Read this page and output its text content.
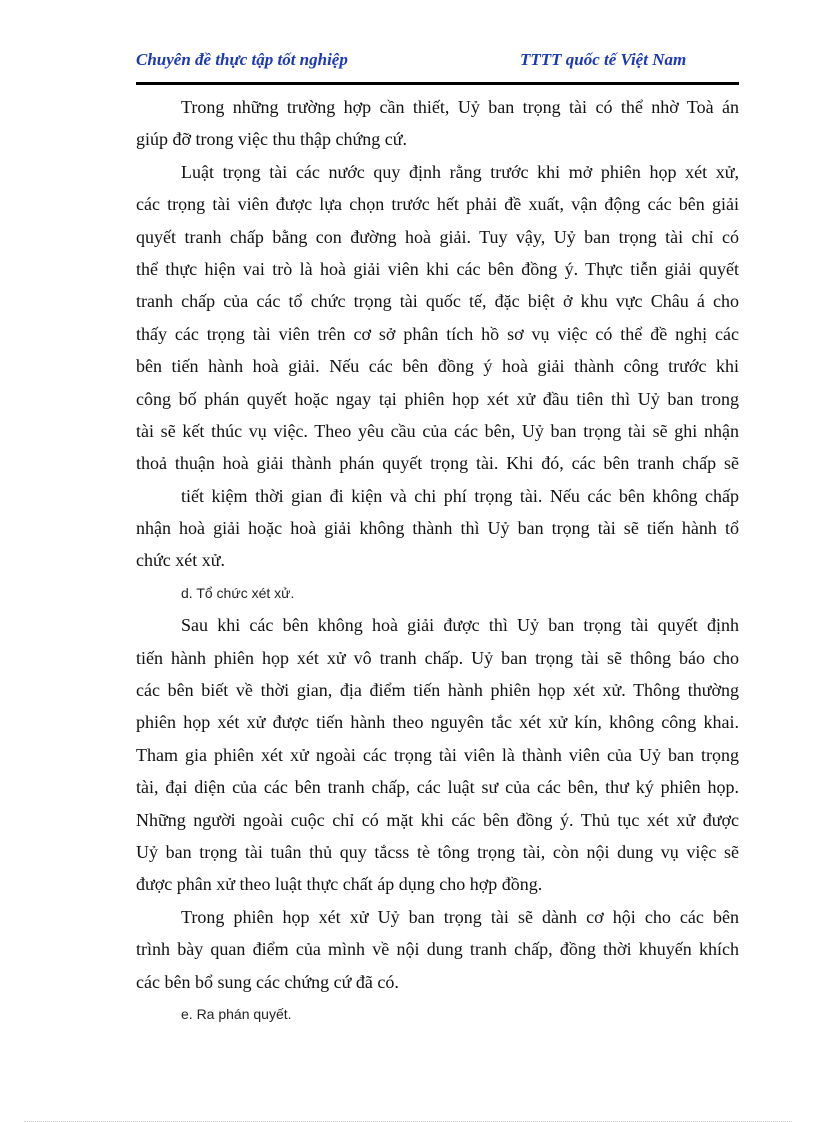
Chuyên đề thực tập tốt nghiệp	TTTT quốc tế Việt Nam
Trong những trường hợp cần thiết, Uỷ ban trọng tài có thể nhờ Toà án
giúp đỡ trong việc thu thập chứng cứ.
Luật trọng tài các nước quy định rằng trước khi mở phiên họp xét xử,
các trọng tài viên được lựa chọn trước hết phải đề xuất, vận động các bên giải
quyết tranh chấp bằng con đường hoà giải. Tuy vậy, Uỷ ban trọng tài chỉ có
thể thực hiện vai trò là hoà giải viên khi các bên đồng ý. Thực tiễn giải quyết
tranh chấp của các tổ chức trọng tài quốc tế, đặc biệt ở khu vực Châu á cho
thấy các trọng tài viên trên cơ sở phân tích hồ sơ vụ việc có thể đề nghị các
bên tiến hành hoà giải. Nếu các bên đồng ý hoà giải thành công trước khi
công bố phán quyết hoặc ngay tại phiên họp xét xử đầu tiên thì Uỷ ban trong
tài sẽ kết thúc vụ việc. Theo yêu cầu của các bên, Uỷ ban trọng tài sẽ ghi nhận
thoả thuận hoà giải thành phán quyết trọng tài. Khi đó, các bên tranh chấp sẽ
tiết kiệm thời gian đi kiện và chi phí trọng tài. Nếu các bên không chấp
nhận hoà giải hoặc hoà giải không thành thì Uỷ ban trọng tài sẽ tiến hành tổ
chức xét xử.
d. Tổ chức xét xử.
Sau khi các bên không hoà giải được thì Uỷ ban trọng tài quyết định
tiến hành phiên họp xét xử vô tranh chấp. Uỷ ban trọng tài sẽ thông báo cho
các bên biết về thời gian, địa điểm tiến hành phiên họp xét xử. Thông thường
phiên họp xét xử được tiến hành theo nguyên tắc xét xử kín, không công khai.
Tham gia phiên xét xử ngoài các trọng tài viên là thành viên của Uỷ ban trọng
tài, đại diện của các bên tranh chấp, các luật sư của các bên, thư ký phiên họp.
Những người ngoài cuộc chỉ có mặt khi các bên đồng ý. Thủ tục xét xử được
Uỷ ban trọng tài tuân thủ quy tắcss tè tông trọng tài, còn nội dung vụ việc sẽ
được phân xử theo luật thực chất áp dụng cho hợp đồng.
Trong phiên họp xét xử Uỷ ban trọng tài sẽ dành cơ hội cho các bên
trình bày quan điểm của mình về nội dung tranh chấp, đồng thời khuyến khích
các bên bổ sung các chứng cứ đã có.
e. Ra phán quyết.
